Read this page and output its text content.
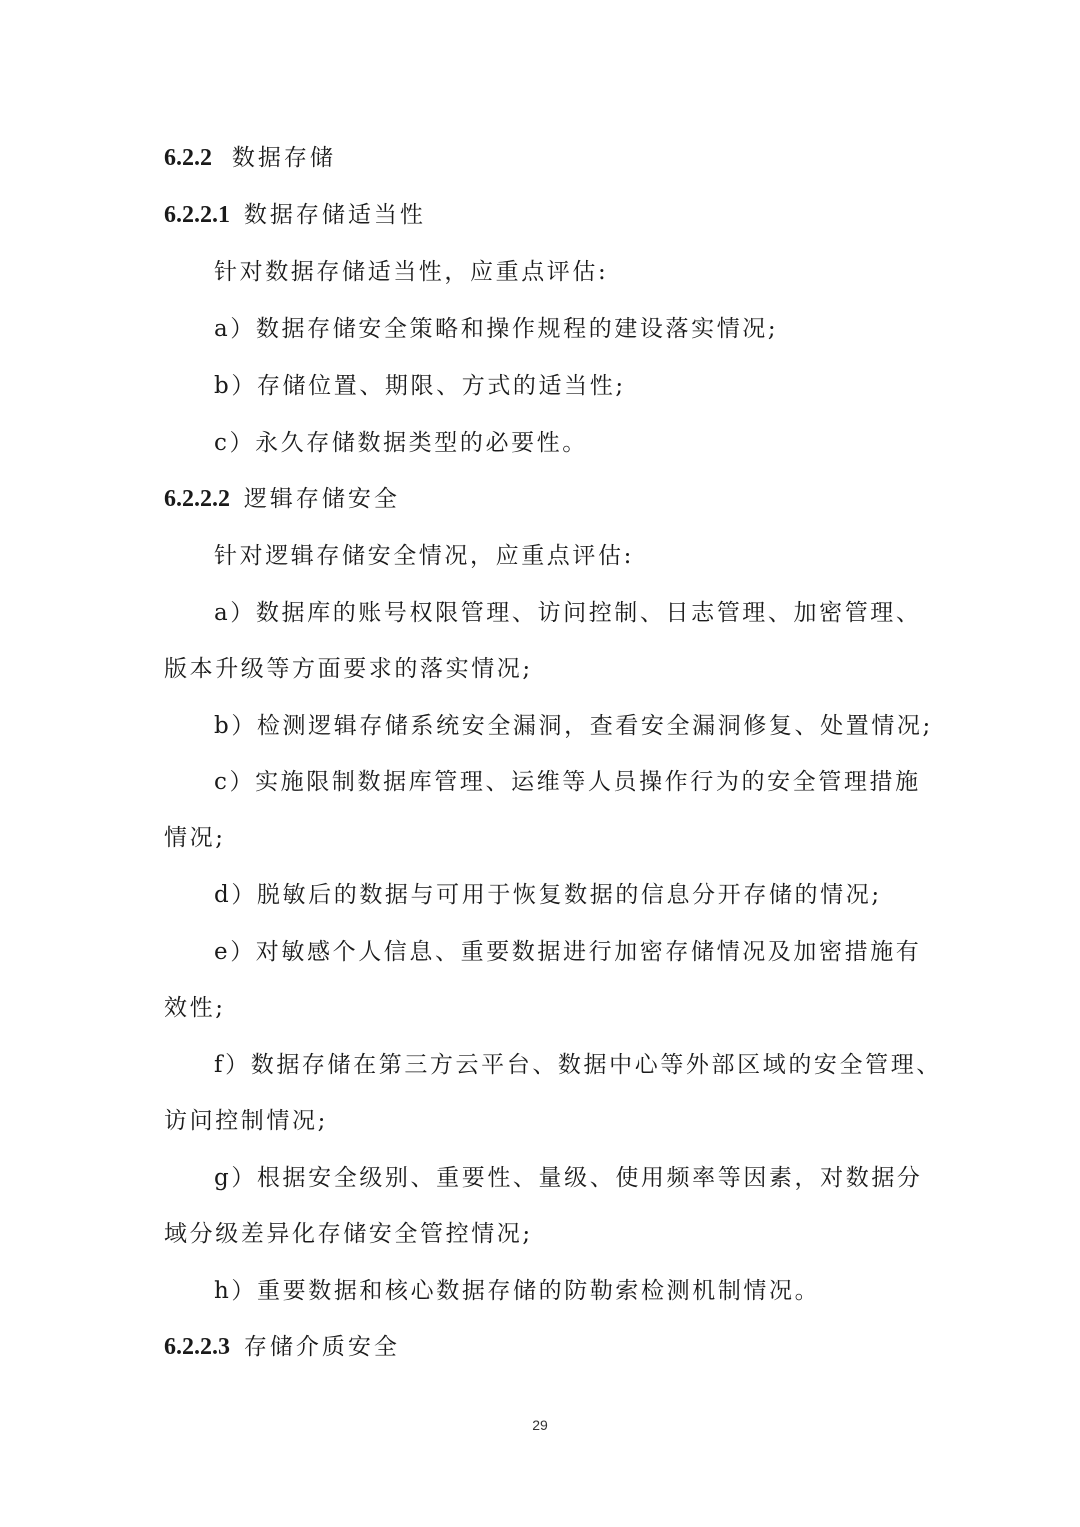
6.2.2 数据存储
6.2.2.1 数据存储适当性
针对数据存储适当性，应重点评估:
a）数据存储安全策略和操作规程的建设落实情况;
b）存储位置、期限、方式的适当性;
c）永久存储数据类型的必要性。
6.2.2.2 逻辑存储安全
针对逻辑存储安全情况，应重点评估:
a）数据库的账号权限管理、访问控制、日志管理、加密管理、
版本升级等方面要求的落实情况;
b）检测逻辑存储系统安全漏洞，查看安全漏洞修复、处置情况;
c）实施限制数据库管理、运维等人员操作行为的安全管理措施
情况;
d）脱敏后的数据与可用于恢复数据的信息分开存储的情况;
e）对敏感个人信息、重要数据进行加密存储情况及加密措施有
效性;
f）数据存储在第三方云平台、数据中心等外部区域的安全管理、
访问控制情况;
g）根据安全级别、重要性、量级、使用频率等因素，对数据分
域分级差异化存储安全管控情况;
h）重要数据和核心数据存储的防勒索检测机制情况。
6.2.2.3 存储介质安全
29
